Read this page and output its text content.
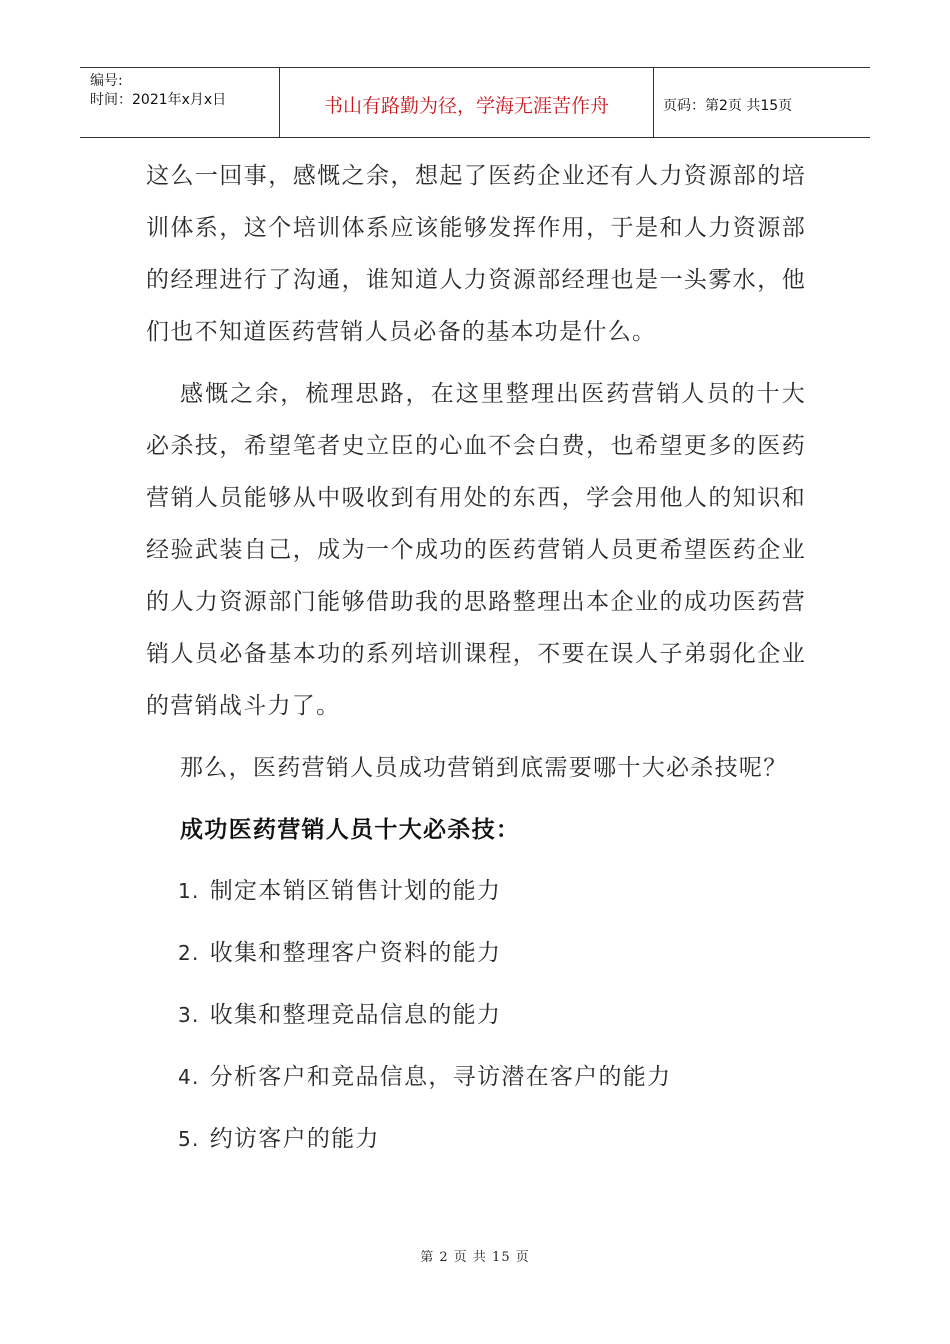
编号:
时间：2021年x月x日	书山有路勤为径，学海无涯苦作舟	页码：第2页 共15页

这么一回事，感慨之余，想起了医药企业还有人力资源部的培训体系，这个培训体系应该能够发挥作用，于是和人力资源部的经理进行了沟通，谁知道人力资源部经理也是一头雾水，他们也不知道医药营销人员必备的基本功是什么。

感慨之余，梳理思路，在这里整理出医药营销人员的十大必杀技，希望笔者史立臣的心血不会白费，也希望更多的医药营销人员能够从中吸收到有用处的东西，学会用他人的知识和经验武装自己，成为一个成功的医药营销人员更希望医药企业的人力资源部门能够借助我的思路整理出本企业的成功医药营销人员必备基本功的系列培训课程，不要在误人子弟弱化企业的营销战斗力了。

那么，医药营销人员成功营销到底需要哪十大必杀技呢？

成功医药营销人员十大必杀技：

1. 制定本销区销售计划的能力
2. 收集和整理客户资料的能力
3. 收集和整理竞品信息的能力
4. 分析客户和竞品信息，寻访潜在客户的能力
5. 约访客户的能力
第 2 页 共 15 页
